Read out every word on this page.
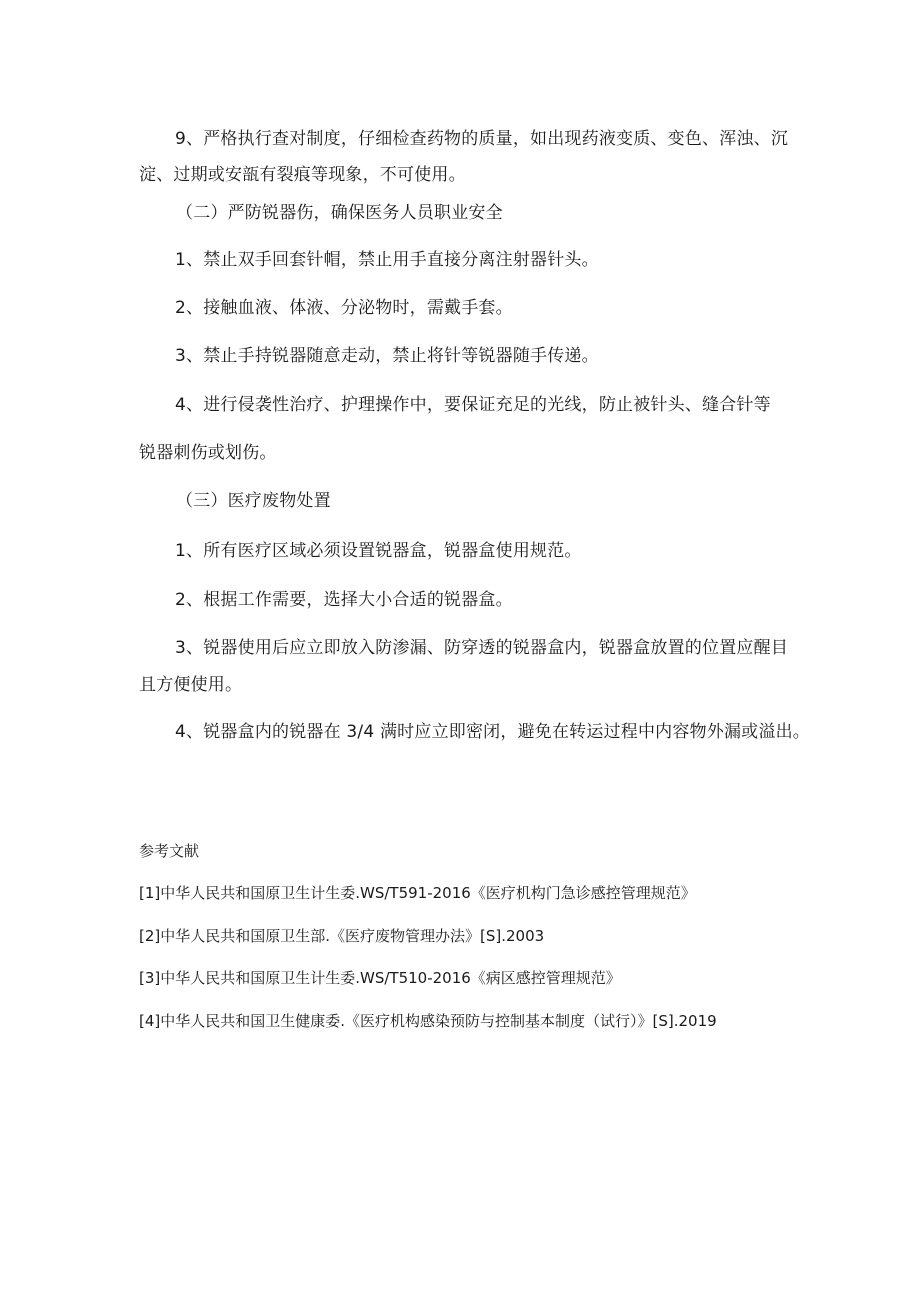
9、严格执行查对制度，仔细检查药物的质量，如出现药液变质、变色、浑浊、沉
淀、过期或安瓿有裂痕等现象，不可使用。
（二）严防锐器伤，确保医务人员职业安全
1、禁止双手回套针帽，禁止用手直接分离注射器针头。
2、接触血液、体液、分泌物时，需戴手套。
3、禁止手持锐器随意走动，禁止将针等锐器随手传递。
4、进行侵袭性治疗、护理操作中，要保证充足的光线，防止被针头、缝合针等
锐器刺伤或划伤。
（三）医疗废物处置
1、所有医疗区域必须设置锐器盒，锐器盒使用规范。
2、根据工作需要，选择大小合适的锐器盒。
3、锐器使用后应立即放入防渗漏、防穿透的锐器盒内，锐器盒放置的位置应醒目
且方便使用。
4、锐器盒内的锐器在 3/4 满时应立即密闭，避免在转运过程中内容物外漏或溢出。
参考文献
[1]中华人民共和国原卫生计生委.WS/T591-2016《医疗机构门急诊感控管理规范》
[2]中华人民共和国原卫生部.《医疗废物管理办法》[S].2003
[3]中华人民共和国原卫生计生委.WS/T510-2016《病区感控管理规范》
[4]中华人民共和国卫生健康委.《医疗机构感染预防与控制基本制度（试行）》[S].2019
